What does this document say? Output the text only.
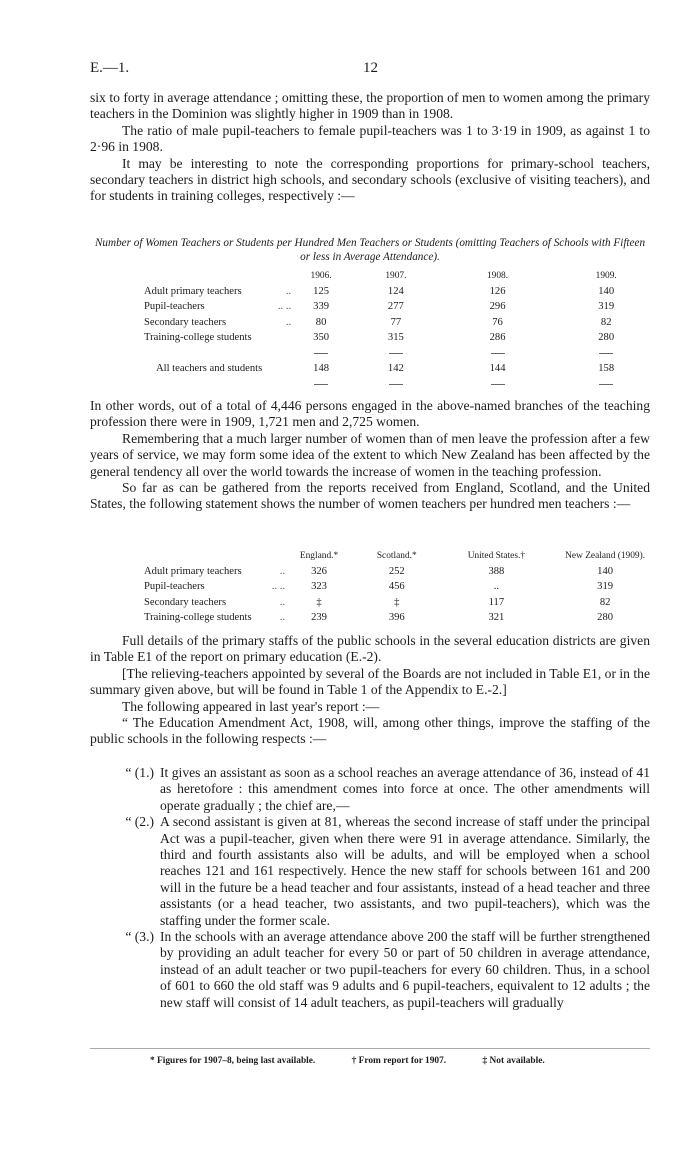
E.—1.	12

six to forty in average attendance ; omitting these, the proportion of men to women among the primary teachers in the Dominion was slightly higher in 1909 than in 1908.

The ratio of male pupil-teachers to female pupil-teachers was 1 to 3·19 in 1909, as against 1 to 2·96 in 1908.

It may be interesting to note the corresponding proportions for primary-school teachers, secondary teachers in district high schools, and secondary schools (exclusive of visiting teachers), and for students in training colleges, respectively :—

Number of Women Teachers or Students per Hundred Men Teachers or Students (omitting Teachers of Schools with Fifteen or less in Average Attendance).
		1906.	1907.	1908.	1909.
Adult primary teachers	..	125	124	126	140
Pupil-teachers	.. ..	339	277	296	319
Secondary teachers	..	80	77	76	82
Training-college students		350	315	286	280

All teachers and students		148	142	144	158

In other words, out of a total of 4,446 persons engaged in the above-named branches of the teaching profession there were in 1909, 1,721 men and 2,725 women.

Remembering that a much larger number of women than of men leave the profession after a few years of service, we may form some idea of the extent to which New Zealand has been affected by the general tendency all over the world towards the increase of women in the teaching profession.

So far as can be gathered from the reports received from England, Scotland, and the United States, the following statement shows the number of women teachers per hundred men teachers :—

		England.*	Scotland.*	United States.†	New Zealand (1909).
Adult primary teachers	..	326	252	388	140
Pupil-teachers	.. ..	323	456	..	319
Secondary teachers	..	‡	‡	117	82
Training-college students	..	239	396	321	280

Full details of the primary staffs of the public schools in the several education districts are given in Table E1 of the report on primary education (E.-2).

[The relieving-teachers appointed by several of the Boards are not included in Table E1, or in the summary given above, but will be found in Table 1 of the Appendix to E.-2.]

The following appeared in last year's report :—

“ The Education Amendment Act, 1908, will, among other things, improve the staffing of the public schools in the following respects :—

“ (1.) It gives an assistant as soon as a school reaches an average attendance of 36, instead of 41 as heretofore : this amendment comes into force at once. The other amendments will operate gradually ; the chief are,—
“ (2.) A second assistant is given at 81, whereas the second increase of staff under the principal Act was a pupil-teacher, given when there were 91 in average attendance. Similarly, the third and fourth assistants also will be adults, and will be employed when a school reaches 121 and 161 respectively. Hence the new staff for schools between 161 and 200 will in the future be a head teacher and four assistants, instead of a head teacher and three assistants (or a head teacher, two assistants, and two pupil-teachers), which was the staffing under the former scale.
“ (3.) In the schools with an average attendance above 200 the staff will be further strengthened by providing an adult teacher for every 50 or part of 50 children in average attendance, instead of an adult teacher or two pupil-teachers for every 60 children. Thus, in a school of 601 to 660 the old staff was 9 adults and 6 pupil-teachers, equivalent to 12 adults ; the new staff will consist of 14 adult teachers, as pupil-teachers will gradually
* Figures for 1907–8, being last available.	† From report for 1907.	‡ Not available.
